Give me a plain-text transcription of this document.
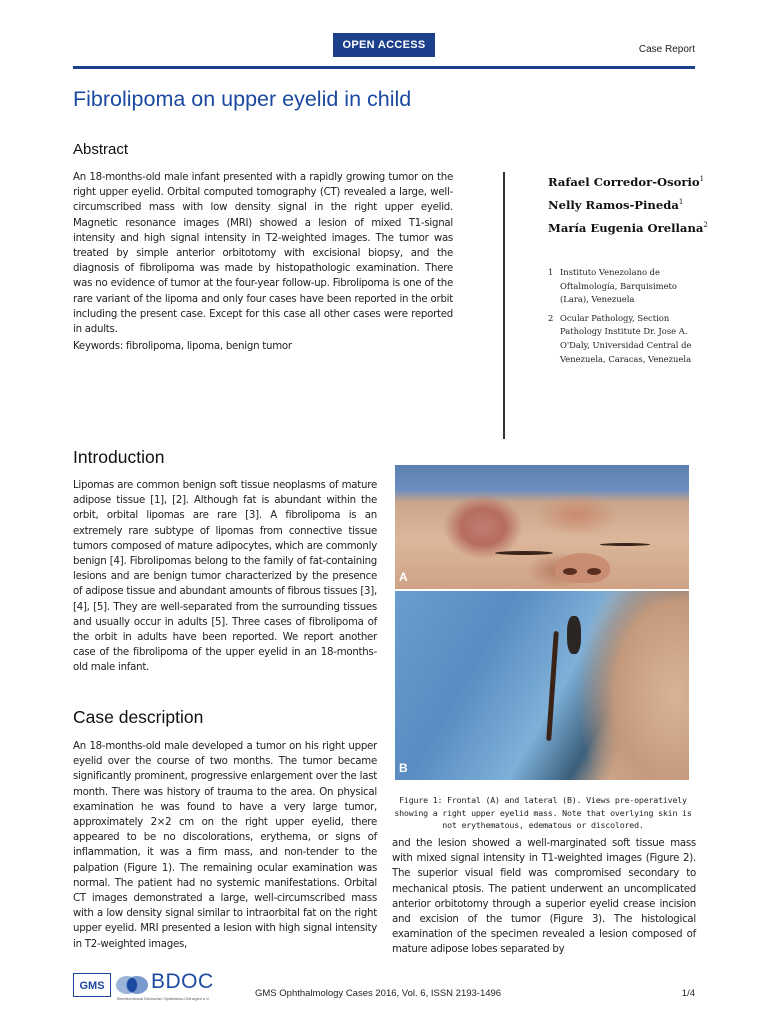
OPEN ACCESS	Case Report
Fibrolipoma on upper eyelid in child
Abstract

An 18-months-old male infant presented with a rapidly growing tumor on the right upper eyelid. Orbital computed tomography (CT) revealed a large, well-circumscribed mass with low density signal in the right upper eyelid. Magnetic resonance images (MRI) showed a lesion of mixed T1-signal intensity and high signal intensity in T2-weighted images. The tumor was treated by simple anterior orbitotomy with excisional biopsy, and the diagnosis of fibrolipoma was made by histopathologic examination. There was no evidence of tumor at the four-year follow-up. Fibrolipoma is one of the rare variant of the lipoma and only four cases have been reported in the orbit including the present case. Except for this case all other cases were reported in adults.

Keywords: fibrolipoma, lipoma, benign tumor

Rafael Corredor-Osorio$^1$
Nelly Ramos-Pineda$^1$
María Eugenia Orellana$^2$
1 Instituto Venezolano de Oftalmología, Barquisimeto (Lara), Venezuela
2 Ocular Pathology, Section Pathology Institute Dr. Jose A. O'Daly, Universidad Central de Venezuela, Caracas, Venezuela
Introduction

Lipomas are common benign soft tissue neoplasms of mature adipose tissue [1], [2]. Although fat is abundant within the orbit, orbital lipomas are rare [3]. A fibrolipoma is an extremely rare subtype of lipomas from connective tissue tumors composed of mature adipocytes, which are commonly benign [4]. Fibrolipomas belong to the family of fat-containing lesions and are benign tumor characterized by the presence of adipose tissue and abundant amounts of fibrous tissues [3], [4], [5]. They are well-separated from the surrounding tissues and usually occur in adults [5]. Three cases of fibrolipoma of the orbit in adults have been reported. We report another case of the fibrolipoma of the upper eyelid in an 18-months-old male infant.

Case description

An 18-months-old male developed a tumor on his right upper eyelid over the course of two months. The tumor became significantly prominent, progressive enlargement over the last month. There was history of trauma to the area. On physical examination he was found to have a very large tumor, approximately 2×2 cm on the right upper eyelid, there appeared to be no discolorations, erythema, or signs of inflammation, it was a firm mass, and non-tender to the palpation (Figure 1). The remaining ocular examination was normal. The patient had no systemic manifestations. Orbital CT images demonstrated a large, well-circumscribed mass with a low density signal similar to intraorbital fat on the right upper eyelid. MRI presented a lesion with high signal intensity in T2-weighted images,

and the lesion showed a well-marginated soft tissue mass with mixed signal intensity in T1-weighted images (Figure 2). The superior visual field was compromised secondary to mechanical ptosis. The patient underwent an uncomplicated anterior orbitotomy through a superior eyelid crease incision and excision of the tumor (Figure 3). The histological examination of the specimen revealed a lesion composed of mature adipose lobes separated by

A
B

Figure 1: Frontal (A) and lateral (B). Views pre-operatively showing a right upper eyelid mass. Note that overlying skin is not erythematous, edematous or discolored.

GMS	BDOC
Berufsverband Deutscher Ophthalmo-Chirurgen e.V.	GMS Ophthalmology Cases 2016, Vol. 6, ISSN 2193-1496	1/4
